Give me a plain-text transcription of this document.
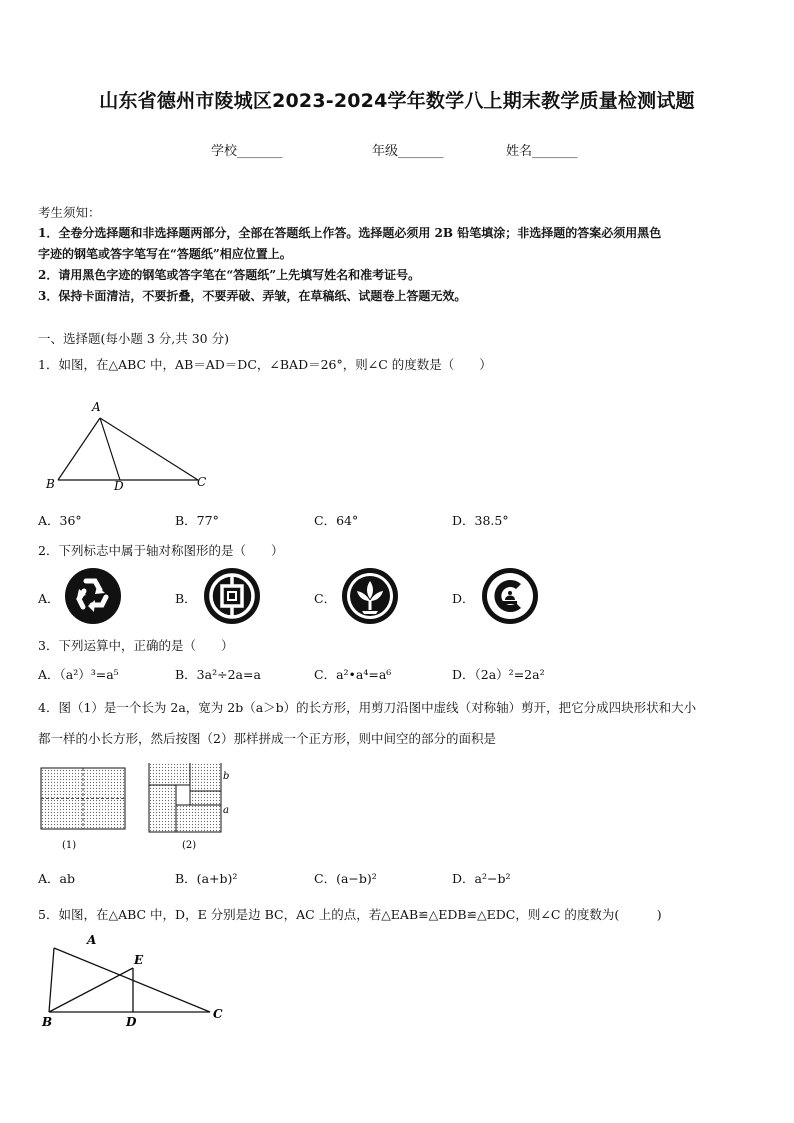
山东省德州市陵城区2023-2024学年数学八上期末教学质量检测试题
学校_______	年级_______	姓名_______
考生须知：
1．全卷分选择题和非选择题两部分，全部在答题纸上作答。选择题必须用 2B 铅笔填涂；非选择题的答案必须用黑色
字迹的钢笔或答字笔写在“答题纸”相应位置上。
2．请用黑色字迹的钢笔或答字笔在“答题纸”上先填写姓名和准考证号。
3．保持卡面清洁，不要折叠，不要弄破、弄皱，在草稿纸、试题卷上答题无效。
一、选择题(每小题 3 分,共 30 分)
1．如图，在△ABC 中，AB＝AD＝DC，∠BAD＝26°，则∠C 的度数是（　　）
A
B	D	C
A．36°	B．77°	C．64°	D．38.5°
2．下列标志中属于轴对称图形的是（　　）
A．	B．	C．	D．
3．下列运算中，正确的是（　　）
A．（a²）³=a⁵	B．3a²÷2a=a	C．a²•a⁴=a⁶	D．（2a）²=2a²
4．图（1）是一个长为 2a，宽为 2b（a＞b）的长方形，用剪刀沿图中虚线（对称轴）剪开，把它分成四块形状和大小
都一样的小长方形，然后按图（2）那样拼成一个正方形，则中间空的部分的面积是
b
a
(1)	(2)
A．ab	B．(a+b)²	C．(a−b)²	D．a²−b²
5．如图，在△ABC 中，D，E 分别是边 BC，AC 上的点，若△EAB≌△EDB≌△EDC，则∠C 的度数为(　　　)
A
E
B	D
C
